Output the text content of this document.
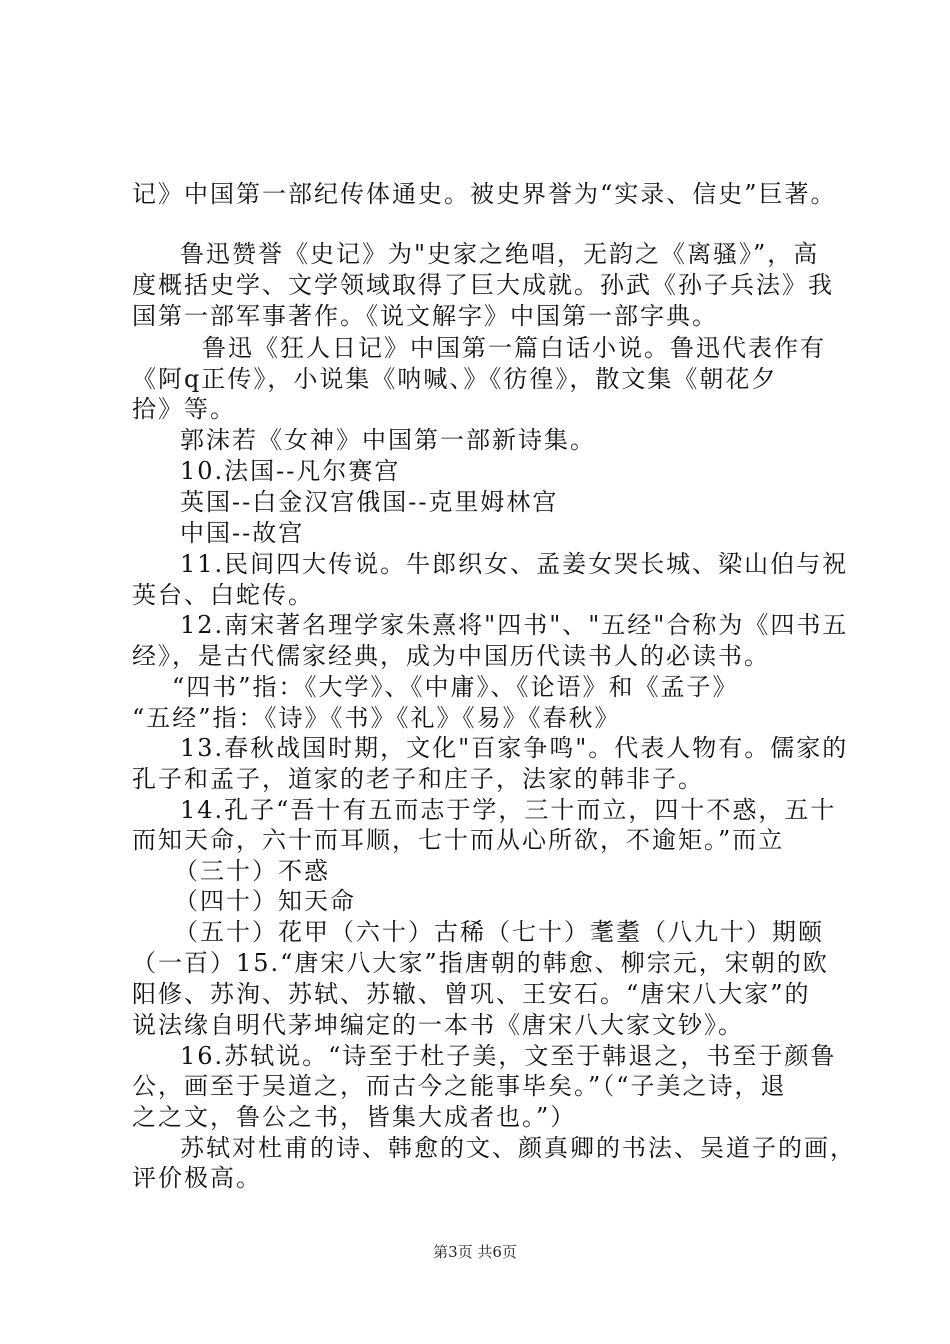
记》中国第一部纪传体通史。被史界誉为“实录、信史”巨著。
鲁迅赞誉《史记》为"史家之绝唱，无韵之《离骚》”，高
度概括史学、文学领域取得了巨大成就。孙武《孙子兵法》我
国第一部军事著作。《说文解字》中国第一部字典。
鲁迅《狂人日记》中国第一篇白话小说。鲁迅代表作有
《阿q正传》，小说集《呐喊、》《彷徨》，散文集《朝花夕
拾》等。
郭沫若《女神》中国第一部新诗集。
10.法国--凡尔赛宫
英国--白金汉宫俄国--克里姆林宫
中国--故宫
11.民间四大传说。牛郎织女、孟姜女哭长城、梁山伯与祝
英台、白蛇传。
12.南宋著名理学家朱熹将"四书"、"五经"合称为《四书五
经》，是古代儒家经典，成为中国历代读书人的必读书。
“四书”指：《大学》、《中庸》、《论语》和《孟子》
“五经”指：《诗》《书》《礼》《易》《春秋》
13.春秋战国时期，文化"百家争鸣"。代表人物有。儒家的
孔子和孟子，道家的老子和庄子，法家的韩非子。
14.孔子“吾十有五而志于学，三十而立，四十不惑，五十
而知天命，六十而耳顺，七十而从心所欲，不逾矩。”而立
（三十）不惑
（四十）知天命
（五十）花甲（六十）古稀（七十）耄耋（八九十）期颐
（一百）15.“唐宋八大家”指唐朝的韩愈、柳宗元，宋朝的欧
阳修、苏洵、苏轼、苏辙、曾巩、王安石。“唐宋八大家”的
说法缘自明代茅坤编定的一本书《唐宋八大家文钞》。
16.苏轼说。“诗至于杜子美，文至于韩退之，书至于颜鲁
公，画至于吴道之，而古今之能事毕矣。”（“子美之诗，退
之之文，鲁公之书，皆集大成者也。”）
苏轼对杜甫的诗、韩愈的文、颜真卿的书法、吴道子的画，
评价极高。
第3页 共6页
